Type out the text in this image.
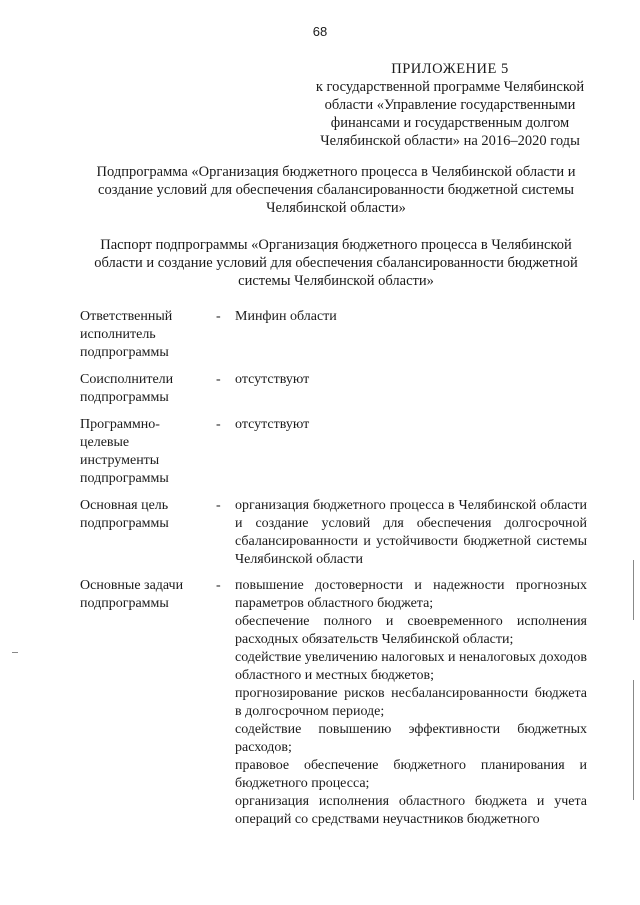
68
ПРИЛОЖЕНИЕ 5
к государственной программе Челябинской
области «Управление государственными
финансами и государственным долгом
Челябинской области» на 2016–2020 годы
Подпрограмма «Организация бюджетного процесса в Челябинской области и
создание условий для обеспечения сбалансированности бюджетной системы
Челябинской области»
Паспорт подпрограммы «Организация бюджетного процесса в Челябинской
области и создание условий для обеспечения сбалансированности бюджетной
системы Челябинской области»
Ответственный
исполнитель
подпрограммы
- Минфин области
Соисполнители
подпрограммы
- отсутствуют
Программно-
целевые
инструменты
подпрограммы
- отсутствуют
Основная цель
подпрограммы
- организация бюджетного процесса в Челябинской области и создание условий для обеспечения долгосрочной сбалансированности и устойчивости бюджетной системы Челябинской области
Основные задачи
подпрограммы
- повышение достоверности и надежности прогнозных параметров областного бюджета;
обеспечение полного и своевременного исполнения расходных обязательств Челябинской области;
содействие увеличению налоговых и неналоговых доходов областного и местных бюджетов;
прогнозирование рисков несбалансированности бюджета в долгосрочном периоде;
содействие повышению эффективности бюджетных расходов;
правовое обеспечение бюджетного планирования и бюджетного процесса;
организация исполнения областного бюджета и учета операций со средствами неучастников бюджетного
